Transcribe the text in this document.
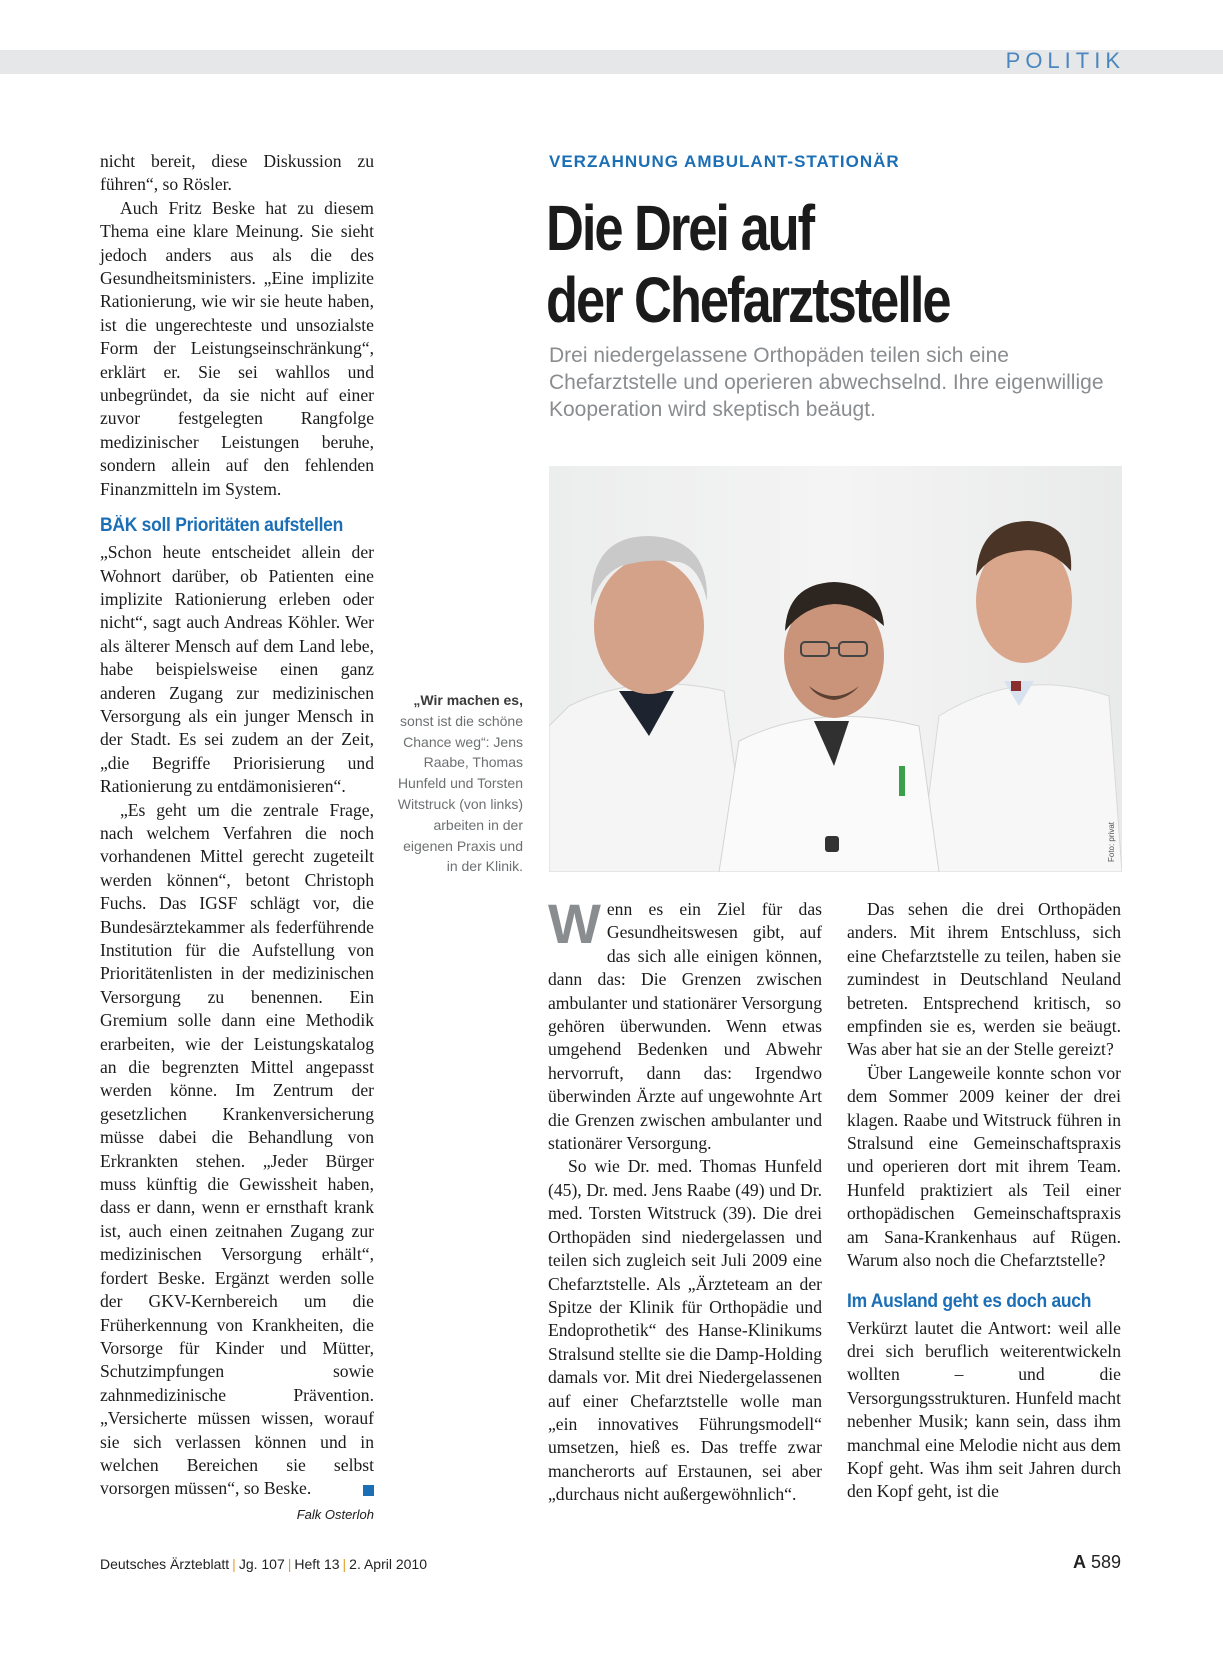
POLITIK

nicht bereit, diese Diskussion zu führen“, so Rösler.

Auch Fritz Beske hat zu diesem Thema eine klare Meinung. Sie sieht jedoch anders aus als die des Gesundheitsministers. „Eine implizite Rationierung, wie wir sie heute haben, ist die ungerechteste und unsozialste Form der Leistungseinschränkung“, erklärt er. Sie sei wahllos und unbegründet, da sie nicht auf einer zuvor festgelegten Rangfolge medizinischer Leistungen beruhe, sondern allein auf den fehlenden Finanzmitteln im System.

BÄK soll Prioritäten aufstellen

„Schon heute entscheidet allein der Wohnort darüber, ob Patienten eine implizite Rationierung erleben oder nicht“, sagt auch Andreas Köhler. Wer als älterer Mensch auf dem Land lebe, habe beispielsweise einen ganz anderen Zugang zur medizinischen Versorgung als ein junger Mensch in der Stadt. Es sei zudem an der Zeit, „die Begriffe Priorisierung und Rationierung zu entdämonisieren“.

„Es geht um die zentrale Frage, nach welchem Verfahren die noch vorhandenen Mittel gerecht zugeteilt werden können“, betont Christoph Fuchs. Das IGSF schlägt vor, die Bundesärztekammer als federführende Institution für die Aufstellung von Prioritätenlisten in der medizinischen Versorgung zu benennen. Ein Gremium solle dann eine Methodik erarbeiten, wie der Leistungskatalog an die begrenzten Mittel angepasst werden könne. Im Zentrum der gesetzlichen Krankenversicherung müsse dabei die Behandlung von Erkrankten stehen. „Jeder Bürger muss künftig die Gewissheit haben, dass er dann, wenn er ernsthaft krank ist, auch einen zeitnahen Zugang zur medizinischen Versorgung erhält“, fordert Beske. Ergänzt werden solle der GKV-Kernbereich um die Früherkennung von Krankheiten, die Vorsorge für Kinder und Mütter, Schutzimpfungen sowie zahnmedizinische Prävention. „Versicherte müssen wissen, worauf sie sich verlassen können und in welchen Bereichen sie selbst vorsorgen müssen“, so Beske.

Falk Osterloh
VERZAHNUNG AMBULANT-STATIONÄR
Die Drei auf
der Chefarztstelle
Drei niedergelassene Orthopäden teilen sich eine Chefarztstelle und operieren abwechselnd. Ihre eigenwillige Kooperation wird skeptisch beäugt.
Foto: privat
„Wir machen es, sonst ist die schöne Chance weg“: Jens Raabe, Thomas Hunfeld und Torsten Witstruck (von links) arbeiten in der eigenen Praxis und in der Klinik.

Wenn es ein Ziel für das Gesundheitswesen gibt, auf das sich alle einigen können, dann das: Die Grenzen zwischen ambulanter und stationärer Versorgung gehören überwunden. Wenn etwas umgehend Bedenken und Abwehr hervorruft, dann das: Irgendwo überwinden Ärzte auf ungewohnte Art die Grenzen zwischen ambulanter und stationärer Versorgung.

So wie Dr. med. Thomas Hunfeld (45), Dr. med. Jens Raabe (49) und Dr. med. Torsten Witstruck (39). Die drei Orthopäden sind niedergelassen und teilen sich zugleich seit Juli 2009 eine Chefarztstelle. Als „Ärzteteam an der Spitze der Klinik für Orthopädie und Endoprothetik“ des Hanse-Klinikums Stralsund stellte sie die Damp-Holding damals vor. Mit drei Niedergelassenen auf einer Chefarztstelle wolle man „ein innovatives Führungsmodell“ umsetzen, hieß es. Das treffe zwar mancherorts auf Erstaunen, sei aber „durchaus nicht außergewöhnlich“.

Das sehen die drei Orthopäden anders. Mit ihrem Entschluss, sich eine Chefarztstelle zu teilen, haben sie zumindest in Deutschland Neuland betreten. Entsprechend kritisch, so empfinden sie es, werden sie beäugt. Was aber hat sie an der Stelle gereizt?

Über Langeweile konnte schon vor dem Sommer 2009 keiner der drei klagen. Raabe und Witstruck führen in Stralsund eine Gemeinschaftspraxis und operieren dort mit ihrem Team. Hunfeld praktiziert als Teil einer orthopädischen Gemeinschaftspraxis am Sana-Krankenhaus auf Rügen. Warum also noch die Chefarztstelle?

Im Ausland geht es doch auch

Verkürzt lautet die Antwort: weil alle drei sich beruflich weiterentwickeln wollten – und die Versorgungsstrukturen. Hunfeld macht nebenher Musik; kann sein, dass ihm manchmal eine Melodie nicht aus dem Kopf geht. Was ihm seit Jahren durch den Kopf geht, ist die

Deutsches Ärzteblatt | Jg. 107 | Heft 13 | 2. April 2010	A 589
